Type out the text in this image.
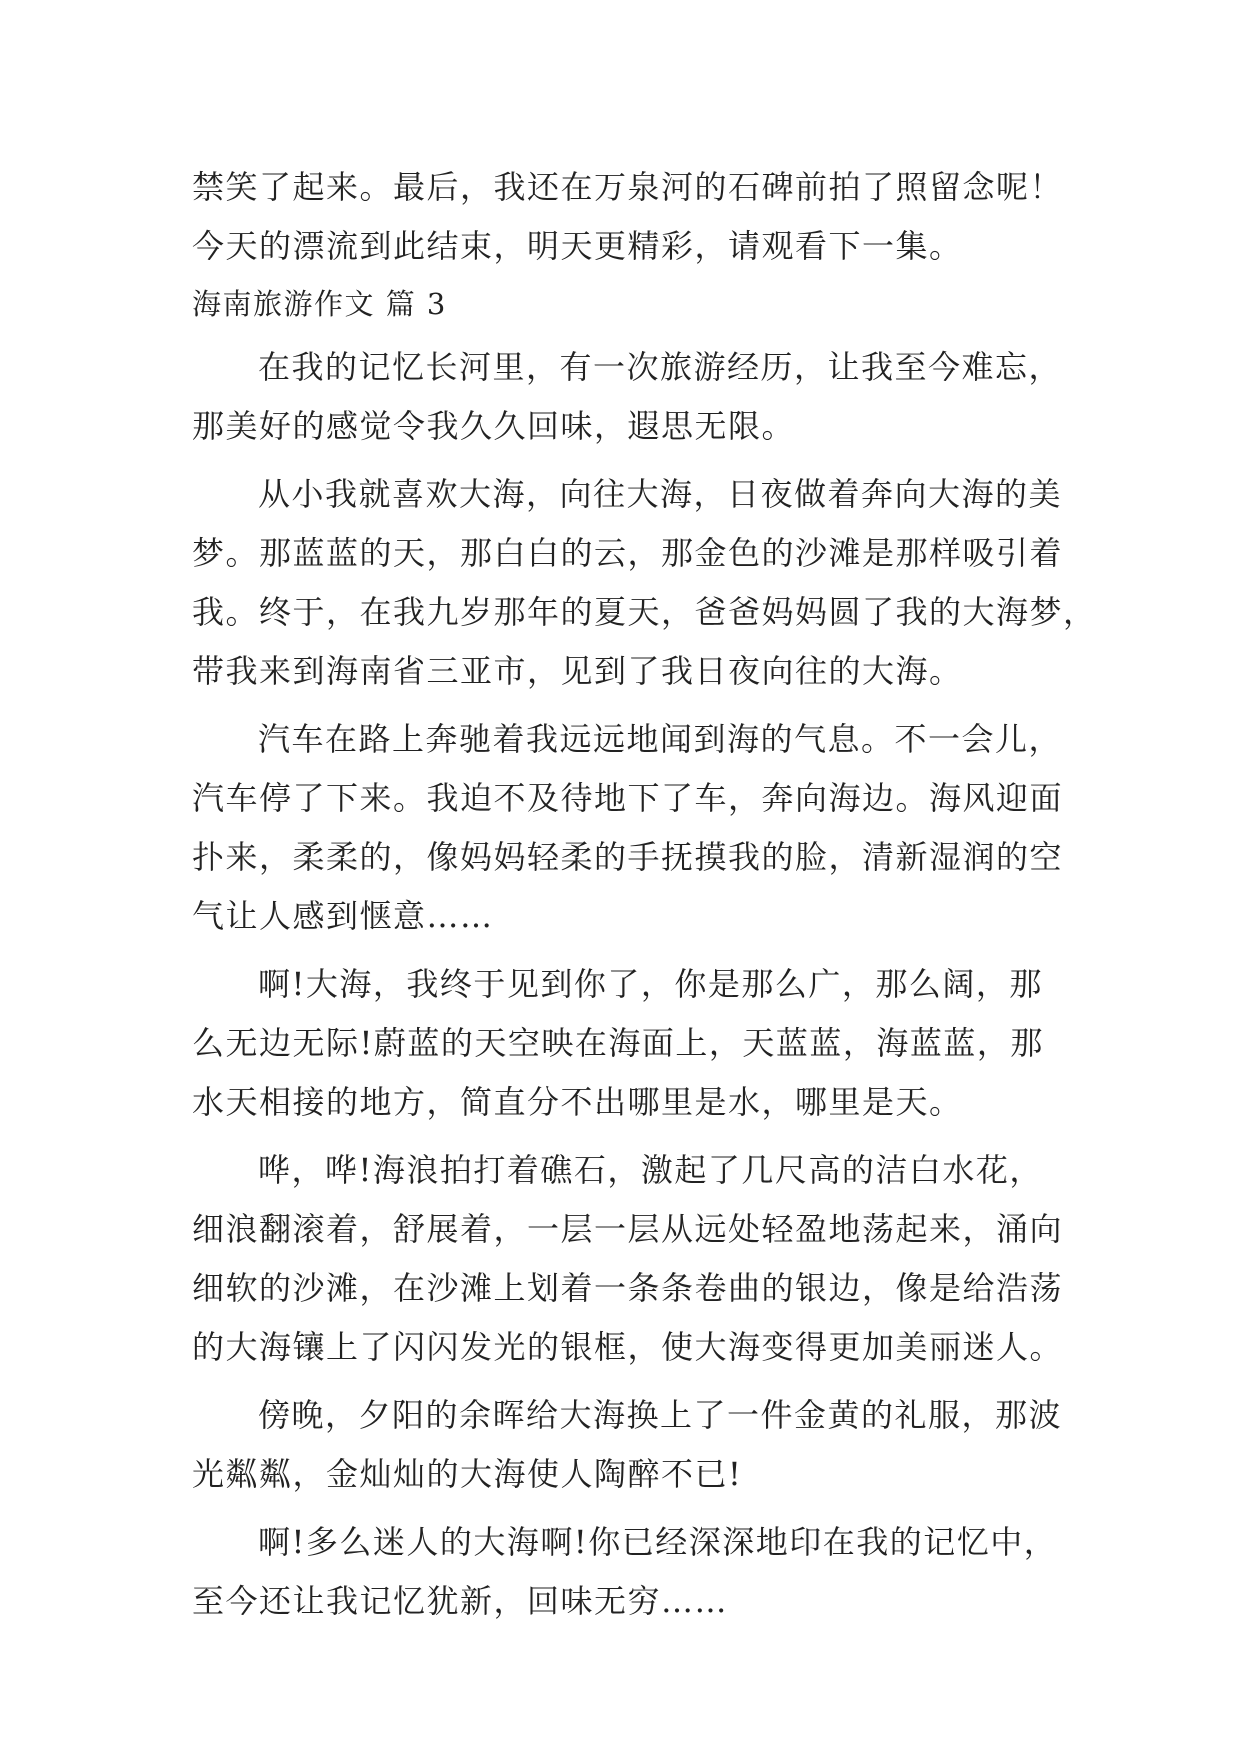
禁笑了起来。最后，我还在万泉河的石碑前拍了照留念呢！
今天的漂流到此结束，明天更精彩，请观看下一集。
海南旅游作文 篇 3
在我的记忆长河里，有一次旅游经历，让我至今难忘，
那美好的感觉令我久久回味，遐思无限。
从小我就喜欢大海，向往大海，日夜做着奔向大海的美
梦。那蓝蓝的天，那白白的云，那金色的沙滩是那样吸引着
我。终于，在我九岁那年的夏天，爸爸妈妈圆了我的大海梦，
带我来到海南省三亚市，见到了我日夜向往的大海。
汽车在路上奔驰着我远远地闻到海的气息。不一会儿，
汽车停了下来。我迫不及待地下了车，奔向海边。海风迎面
扑来，柔柔的，像妈妈轻柔的手抚摸我的脸，清新湿润的空
气让人感到惬意……
啊!大海，我终于见到你了，你是那么广，那么阔，那
么无边无际!蔚蓝的天空映在海面上，天蓝蓝，海蓝蓝，那
水天相接的地方，简直分不出哪里是水，哪里是天。
哗，哗!海浪拍打着礁石，激起了几尺高的洁白水花，
细浪翻滚着，舒展着，一层一层从远处轻盈地荡起来，涌向
细软的沙滩，在沙滩上划着一条条卷曲的银边，像是给浩荡
的大海镶上了闪闪发光的银框，使大海变得更加美丽迷人。
傍晚，夕阳的余晖给大海换上了一件金黄的礼服，那波
光粼粼，金灿灿的大海使人陶醉不已!
啊!多么迷人的大海啊!你已经深深地印在我的记忆中，
至今还让我记忆犹新，回味无穷……
